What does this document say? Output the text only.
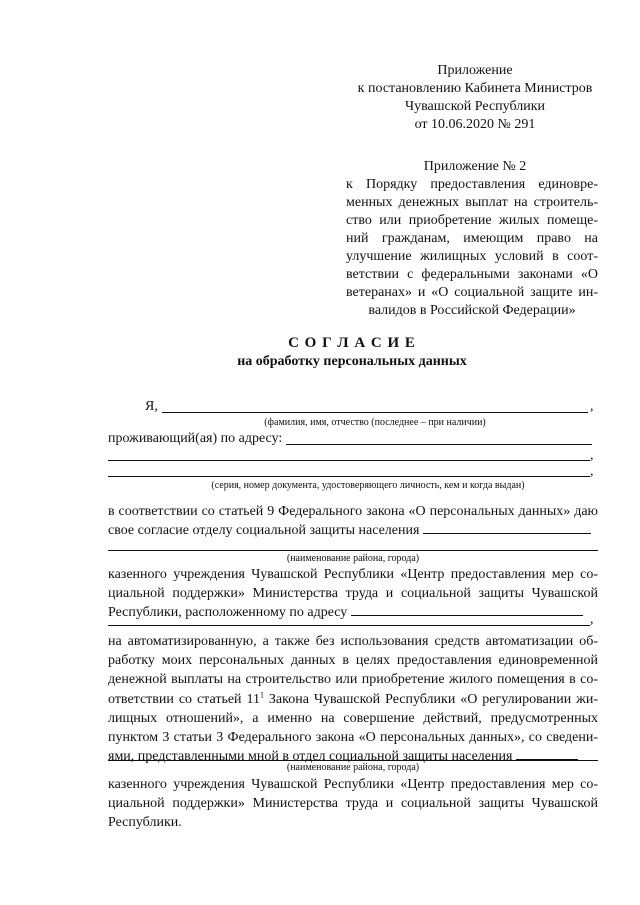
Приложение
к постановлению Кабинета Министров
Чувашской Республики
от 10.06.2020 № 291
Приложение № 2
к Порядку предоставления единовре-
менных денежных выплат на строитель-
ство или приобретение жилых помеще-
ний гражданам, имеющим право на
улучшение жилищных условий в соот-
ветствии с федеральными законами «О
ветеранах» и «О социальной защите ин-
валидов в Российской Федерации»
С О Г Л А С И Е
на обработку персональных данных
Я,	,
(фамилия, имя, отчество (последнее – при наличии)
проживающий(ая) по адресу:
,
,
(серия, номер документа, удостоверяющего личность, кем и когда выдан)
в соответствии со статьей 9 Федерального закона «О персональных данных» даю
свое согласие отделу социальной защиты населения
(наименование района, города)
казенного учреждения Чувашской Республики «Центр предоставления мер со-
циальной поддержки» Министерства труда и социальной защиты Чувашской
Республики, расположенному по адресу	,
на автоматизированную, а также без использования средств автоматизации об-
работку моих персональных данных в целях предоставления единовременной
денежной выплаты на строительство или приобретение жилого помещения в со-
ответствии со статьей $11^1$ Закона Чувашской Республики «О регулировании жи-
лищных отношений», а именно на совершение действий, предусмотренных
пунктом 3 статьи 3 Федерального закона «О персональных данных», со сведени-
ями, представленными мной в отдел социальной защиты населения
(наименование района, города)
казенного учреждения Чувашской Республики «Центр предоставления мер со-
циальной поддержки» Министерства труда и социальной защиты Чувашской
Республики.
